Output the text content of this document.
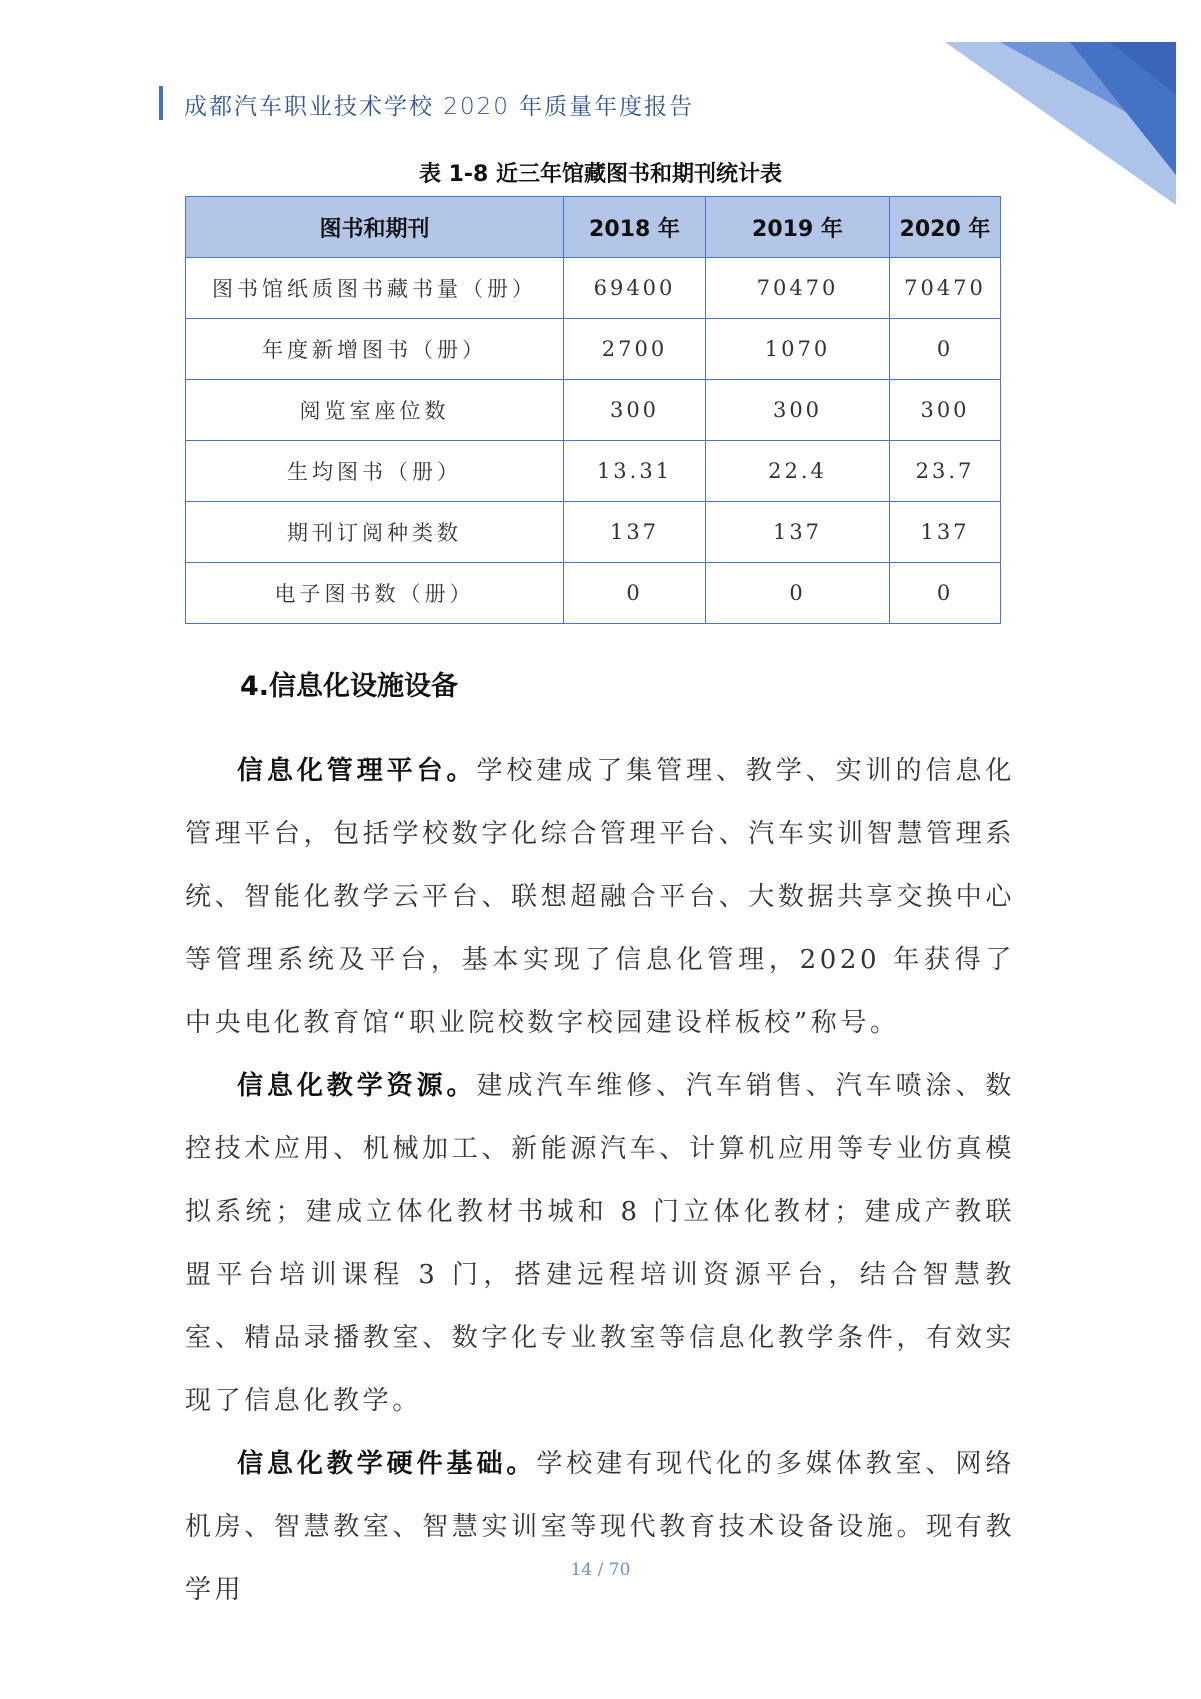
成都汽车职业技术学校 2020 年质量年度报告
表 1-8 近三年馆藏图书和期刊统计表
图书和期刊	2018 年	2019 年	2020 年
图书馆纸质图书藏书量（册）	69400	70470	70470
年度新增图书（册）	2700	1070	0
阅览室座位数	300	300	300
生均图书（册）	13.31	22.4	23.7
期刊订阅种类数	137	137	137
电子图书数（册）	0	0	0
4.信息化设施设备

信息化管理平台。学校建成了集管理、教学、实训的信息化管理平台，包括学校数字化综合管理平台、汽车实训智慧管理系统、智能化教学云平台、联想超融合平台、大数据共享交换中心等管理系统及平台，基本实现了信息化管理，2020 年获得了中央电化教育馆“职业院校数字校园建设样板校”称号。

信息化教学资源。建成汽车维修、汽车销售、汽车喷涂、数控技术应用、机械加工、新能源汽车、计算机应用等专业仿真模拟系统；建成立体化教材书城和 8 门立体化教材；建成产教联盟平台培训课程 3 门，搭建远程培训资源平台，结合智慧教室、精品录播教室、数字化专业教室等信息化教学条件，有效实现了信息化教学。

信息化教学硬件基础。学校建有现代化的多媒体教室、网络机房、智慧教室、智慧实训室等现代教育技术设备设施。现有教学用

14 / 70
